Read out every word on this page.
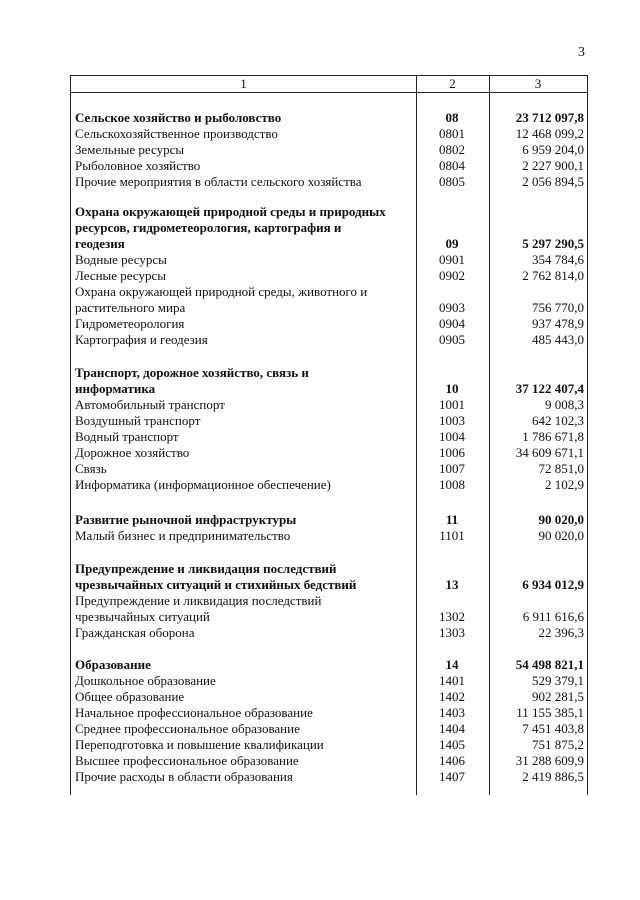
3
1	2	3
Сельское хозяйство и рыболовство	08	23 712 097,8
Сельскохозяйственное производство	0801	12 468 099,2
Земельные ресурсы	0802	6 959 204,0
Рыболовное хозяйство	0804	2 227 900,1
Прочие мероприятия в области сельского хозяйства	0805	2 056 894,5
Охрана окружающей природной среды и природных
ресурсов, гидрометеорология, картография и
геодезия	09	5 297 290,5
Водные ресурсы	0901	354 784,6
Лесные ресурсы	0902	2 762 814,0
Охрана окружающей природной среды, животного и
растительного мира	0903	756 770,0
Гидрометеорология	0904	937 478,9
Картография и геодезия	0905	485 443,0
Транспорт, дорожное хозяйство, связь и
информатика	10	37 122 407,4
Автомобильный транспорт	1001	9 008,3
Воздушный транспорт	1003	642 102,3
Водный транспорт	1004	1 786 671,8
Дорожное хозяйство	1006	34 609 671,1
Связь	1007	72 851,0
Информатика (информационное обеспечение)	1008	2 102,9
Развитие рыночной инфраструктуры	11	90 020,0
Малый бизнес и предпринимательство	1101	90 020,0
Предупреждение и ликвидация последствий
чрезвычайных ситуаций и стихийных бедствий	13	6 934 012,9
Предупреждение и ликвидация последствий
чрезвычайных ситуаций	1302	6 911 616,6
Гражданская оборона	1303	22 396,3
Образование	14	54 498 821,1
Дошкольное образование	1401	529 379,1
Общее образование	1402	902 281,5
Начальное профессиональное образование	1403	11 155 385,1
Среднее профессиональное образование	1404	7 451 403,8
Переподготовка и повышение квалификации	1405	751 875,2
Высшее профессиональное образование	1406	31 288 609,9
Прочие расходы в области образования	1407	2 419 886,5
